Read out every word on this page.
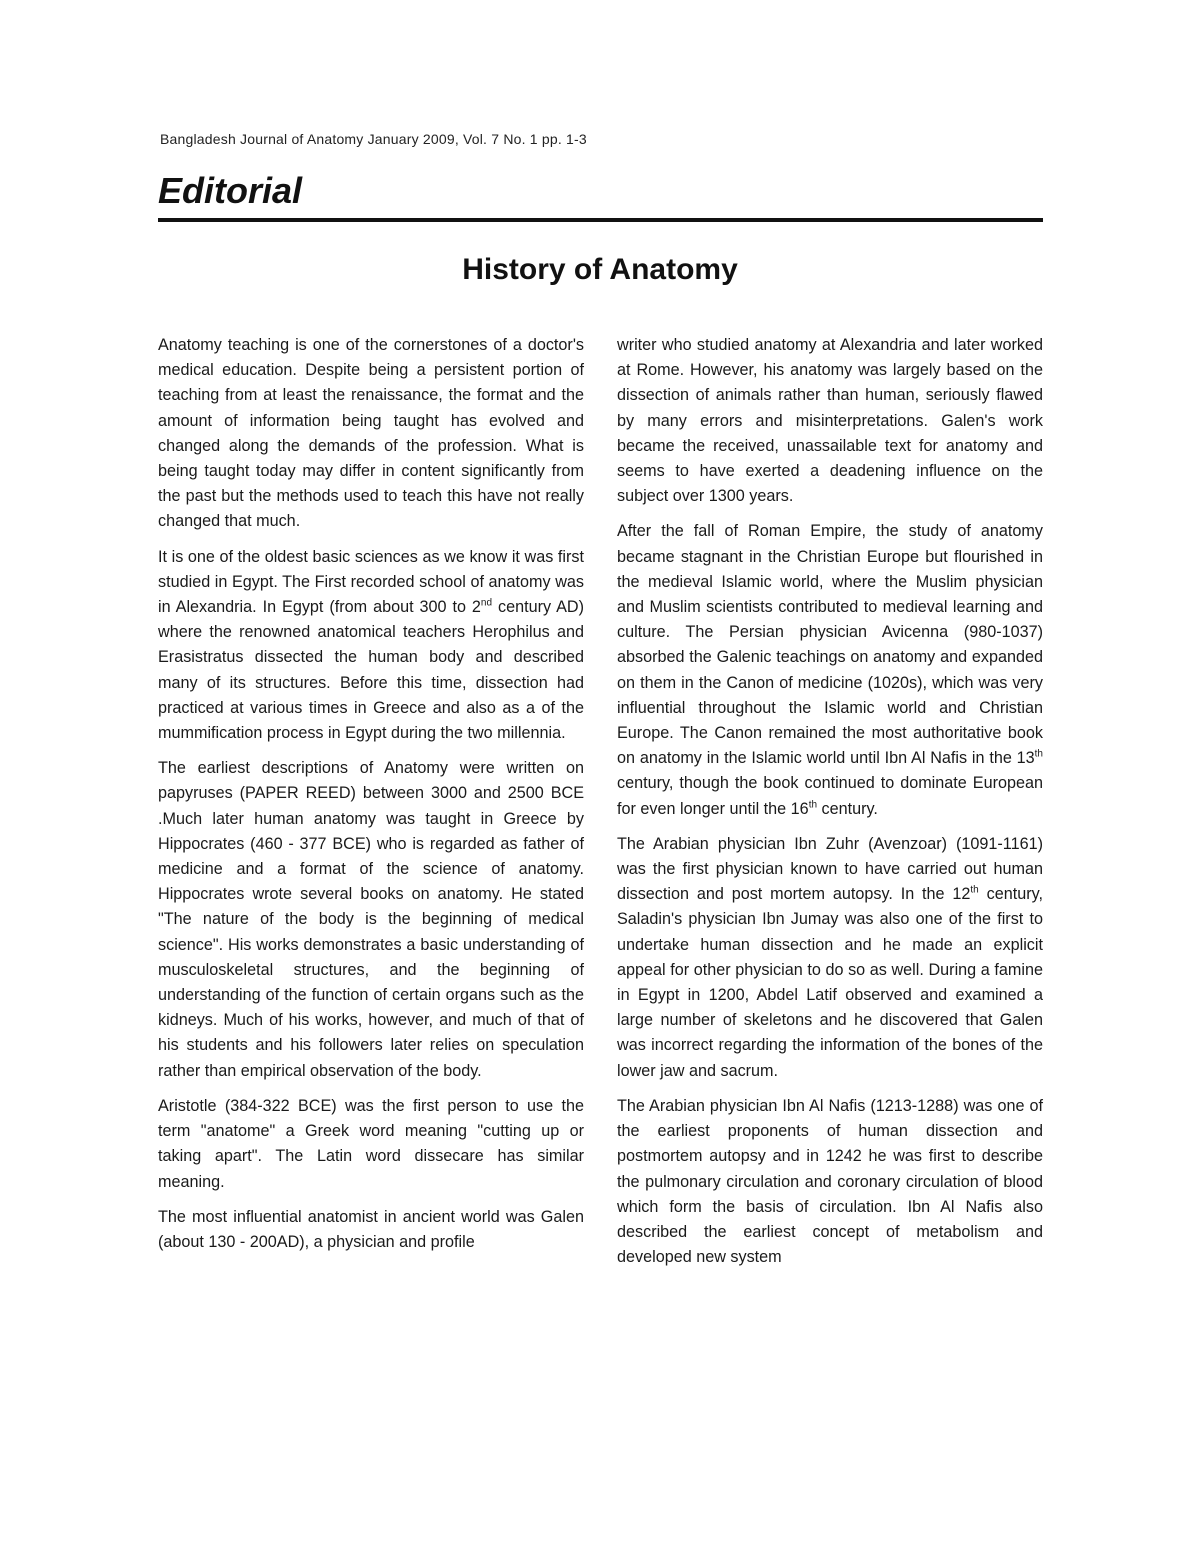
Bangladesh Journal of Anatomy January 2009, Vol. 7 No. 1 pp. 1-3
Editorial
History of Anatomy

Anatomy teaching is one of the cornerstones of a doctor's medical education. Despite being a persistent portion of teaching from at least the renaissance, the format and the amount of information being taught has evolved and changed along the demands of the profession. What is being taught today may differ in content significantly from the past but the methods used to teach this have not really changed that much.

It is one of the oldest basic sciences as we know it was first studied in Egypt. The First recorded school of anatomy was in Alexandria. In Egypt (from about 300 to 2nd century AD) where the renowned anatomical teachers Herophilus and Erasistratus dissected the human body and described many of its structures. Before this time, dissection had practiced at various times in Greece and also as a of the mummification process in Egypt during the two millennia.

The earliest descriptions of Anatomy were written on papyruses (PAPER REED) between 3000 and 2500 BCE .Much later human anatomy was taught in Greece by Hippocrates (460 - 377 BCE) who is regarded as father of medicine and a format of the science of anatomy. Hippocrates wrote several books on anatomy. He stated "The nature of the body is the beginning of medical science". His works demonstrates a basic understanding of musculoskeletal structures, and the beginning of understanding of the function of certain organs such as the kidneys. Much of his works, however, and much of that of his students and his followers later relies on speculation rather than empirical observation of the body.

Aristotle (384-322 BCE) was the first person to use the term "anatome" a Greek word meaning "cutting up or taking apart". The Latin word dissecare has similar meaning.

The most influential anatomist in ancient world was Galen (about 130 - 200AD), a physician and profile

writer who studied anatomy at Alexandria and later worked at Rome. However, his anatomy was largely based on the dissection of animals rather than human, seriously flawed by many errors and misinterpretations. Galen's work became the received, unassailable text for anatomy and seems to have exerted a deadening influence on the subject over 1300 years.

After the fall of Roman Empire, the study of anatomy became stagnant in the Christian Europe but flourished in the medieval Islamic world, where the Muslim physician and Muslim scientists contributed to medieval learning and culture. The Persian physician Avicenna (980-1037) absorbed the Galenic teachings on anatomy and expanded on them in the Canon of medicine (1020s), which was very influential throughout the Islamic world and Christian Europe. The Canon remained the most authoritative book on anatomy in the Islamic world until Ibn Al Nafis in the 13th century, though the book continued to dominate European for even longer until the 16th century.

The Arabian physician Ibn Zuhr (Avenzoar) (1091-1161) was the first physician known to have carried out human dissection and post mortem autopsy. In the 12th century, Saladin's physician Ibn Jumay was also one of the first to undertake human dissection and he made an explicit appeal for other physician to do so as well. During a famine in Egypt in 1200, Abdel Latif observed and examined a large number of skeletons and he discovered that Galen was incorrect regarding the information of the bones of the lower jaw and sacrum.

The Arabian physician Ibn Al Nafis (1213-1288) was one of the earliest proponents of human dissection and postmortem autopsy and in 1242 he was first to describe the pulmonary circulation and coronary circulation of blood which form the basis of circulation. Ibn Al Nafis also described the earliest concept of metabolism and developed new system
